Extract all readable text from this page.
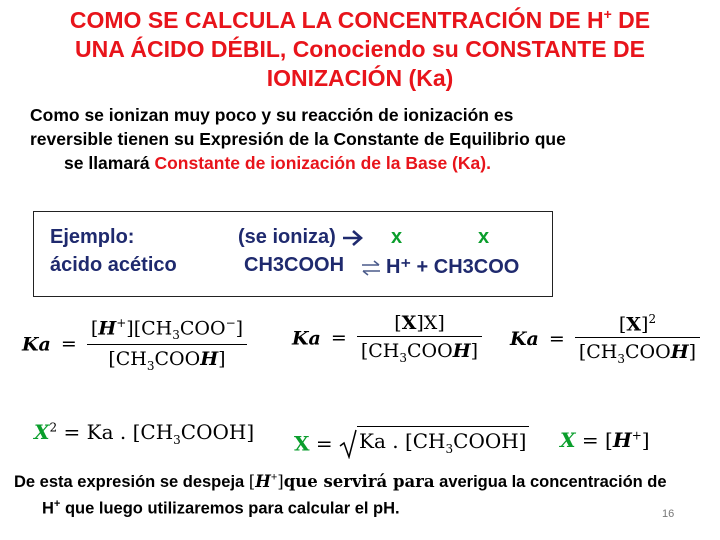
COMO SE CALCULA LA CONCENTRACIÓN DE H+ DE
UNA ÁCIDO DÉBIL, Conociendo su CONSTANTE DE
IONIZACIÓN (Ka)
Como se ionizan muy poco y su reacción de ionización es
reversible tienen su Expresión de la Constante de Equilibrio que
se llamará Constante de ionización de la Base (Ka).
Ejemplo:	(se ioniza)	x	x
ácido acético	CH3COOH ⇌ H⁺ + CH3COO
$Ka = \frac{[H^+][CH_3COO^-]}{[CH_3COOH]}$ $Ka = \frac{[X]X]}{[CH_3COOH]}$ $Ka = \frac{[X]^2}{[CH_3COOH]}$
$X^2 = Ka$ . $[CH_3COOH] X = Ka$ . $[CH_3COOH] X = [H^+]$
De esta expresión se despeja [H+]que servirá para averigua la concentración de
H+ que luego utilizaremos para calcular el pH.	16
